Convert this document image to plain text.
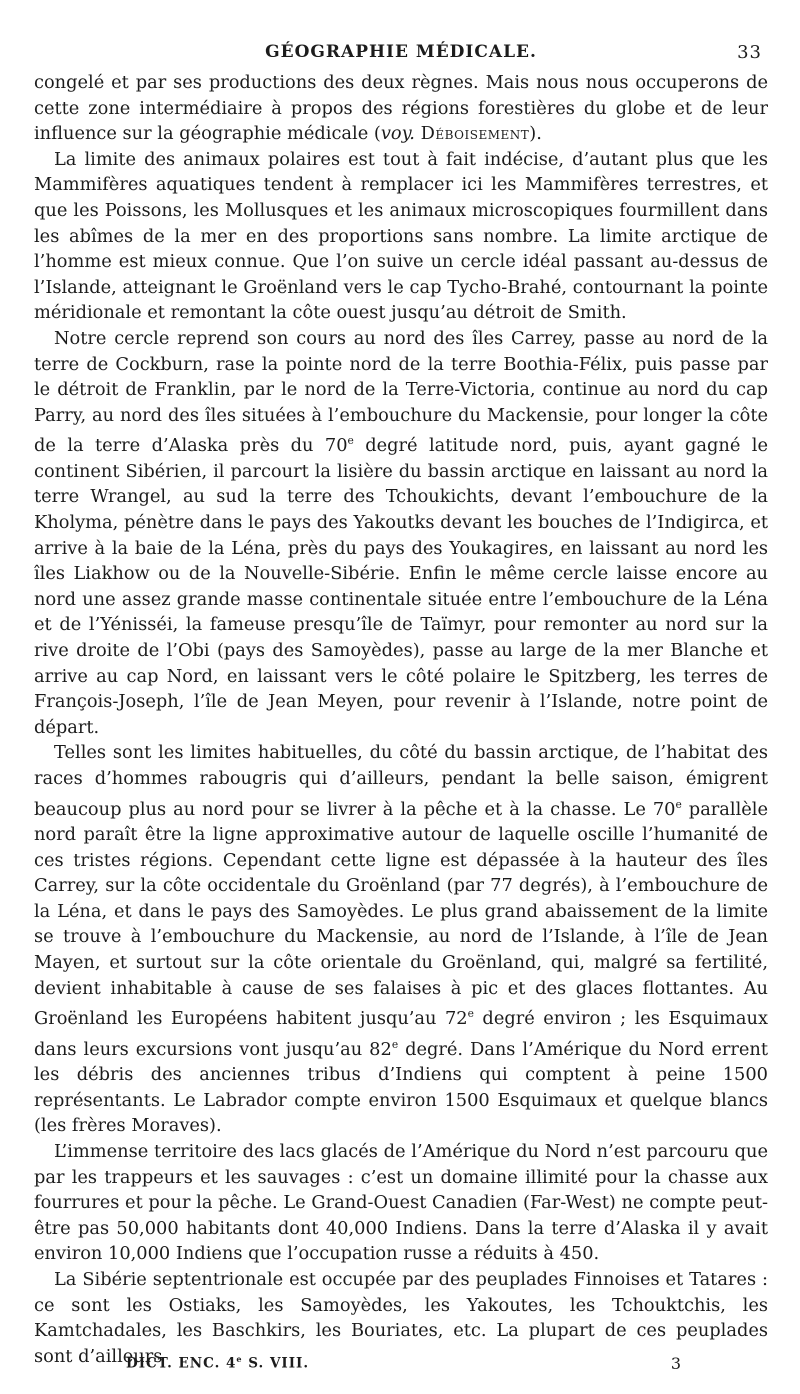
GÉOGRAPHIE MÉDICALE.	33

congelé et par ses productions des deux règnes. Mais nous nous occuperons de cette zone intermédiaire à propos des régions forestières du globe et de leur influence sur la géographie médicale (voy. Déboisement).

La limite des animaux polaires est tout à fait indécise, d’autant plus que les Mammifères aquatiques tendent à remplacer ici les Mammifères terrestres, et que les Poissons, les Mollusques et les animaux microscopiques fourmillent dans les abîmes de la mer en des proportions sans nombre. La limite arctique de l’homme est mieux connue. Que l’on suive un cercle idéal passant au-dessus de l’Islande, atteignant le Groënland vers le cap Tycho-Brahé, contournant la pointe méridionale et remontant la côte ouest jusqu’au détroit de Smith.

Notre cercle reprend son cours au nord des îles Carrey, passe au nord de la terre de Cockburn, rase la pointe nord de la terre Boothia-Félix, puis passe par le détroit de Franklin, par le nord de la Terre-Victoria, continue au nord du cap Parry, au nord des îles situées à l’embouchure du Mackensie, pour longer la côte de la terre d’Alaska près du 70e degré latitude nord, puis, ayant gagné le continent Sibérien, il parcourt la lisière du bassin arctique en laissant au nord la terre Wrangel, au sud la terre des Tchoukichts, devant l’embouchure de la Kholyma, pénètre dans le pays des Yakoutks devant les bouches de l’Indigirca, et arrive à la baie de la Léna, près du pays des Youkagires, en laissant au nord les îles Liakhow ou de la Nouvelle-Sibérie. Enfin le même cercle laisse encore au nord une assez grande masse continentale située entre l’embouchure de la Léna et de l’Yénisséi, la fameuse presqu’île de Taïmyr, pour remonter au nord sur la rive droite de l’Obi (pays des Samoyèdes), passe au large de la mer Blanche et arrive au cap Nord, en laissant vers le côté polaire le Spitzberg, les terres de François-Joseph, l’île de Jean Meyen, pour revenir à l’Islande, notre point de départ.

Telles sont les limites habituelles, du côté du bassin arctique, de l’habitat des races d’hommes rabougris qui d’ailleurs, pendant la belle saison, émigrent beaucoup plus au nord pour se livrer à la pêche et à la chasse. Le 70e parallèle nord paraît être la ligne approximative autour de laquelle oscille l’humanité de ces tristes régions. Cependant cette ligne est dépassée à la hauteur des îles Carrey, sur la côte occidentale du Groënland (par 77 degrés), à l’embouchure de la Léna, et dans le pays des Samoyèdes. Le plus grand abaissement de la limite se trouve à l’embouchure du Mackensie, au nord de l’Islande, à l’île de Jean Mayen, et surtout sur la côte orientale du Groënland, qui, malgré sa fertilité, devient inhabitable à cause de ses falaises à pic et des glaces flottantes. Au Groënland les Européens habitent jusqu’au 72e degré environ ; les Esquimaux dans leurs excursions vont jusqu’au 82e degré. Dans l’Amérique du Nord errent les débris des anciennes tribus d’Indiens qui comptent à peine 1500 représentants. Le Labrador compte environ 1500 Esquimaux et quelque blancs (les frères Moraves).

L’immense territoire des lacs glacés de l’Amérique du Nord n’est parcouru que par les trappeurs et les sauvages : c’est un domaine illimité pour la chasse aux fourrures et pour la pêche. Le Grand-Ouest Canadien (Far-West) ne compte peut-être pas 50,000 habitants dont 40,000 Indiens. Dans la terre d’Alaska il y avait environ 10,000 Indiens que l’occupation russe a réduits à 450.

La Sibérie septentrionale est occupée par des peuplades Finnoises et Tatares : ce sont les Ostiaks, les Samoyèdes, les Yakoutes, les Tchouktchis, les Kamtchadales, les Baschkirs, les Bouriates, etc. La plupart de ces peuplades sont d’ailleurs

DICT. ENC. 4e S. VIII.	3
